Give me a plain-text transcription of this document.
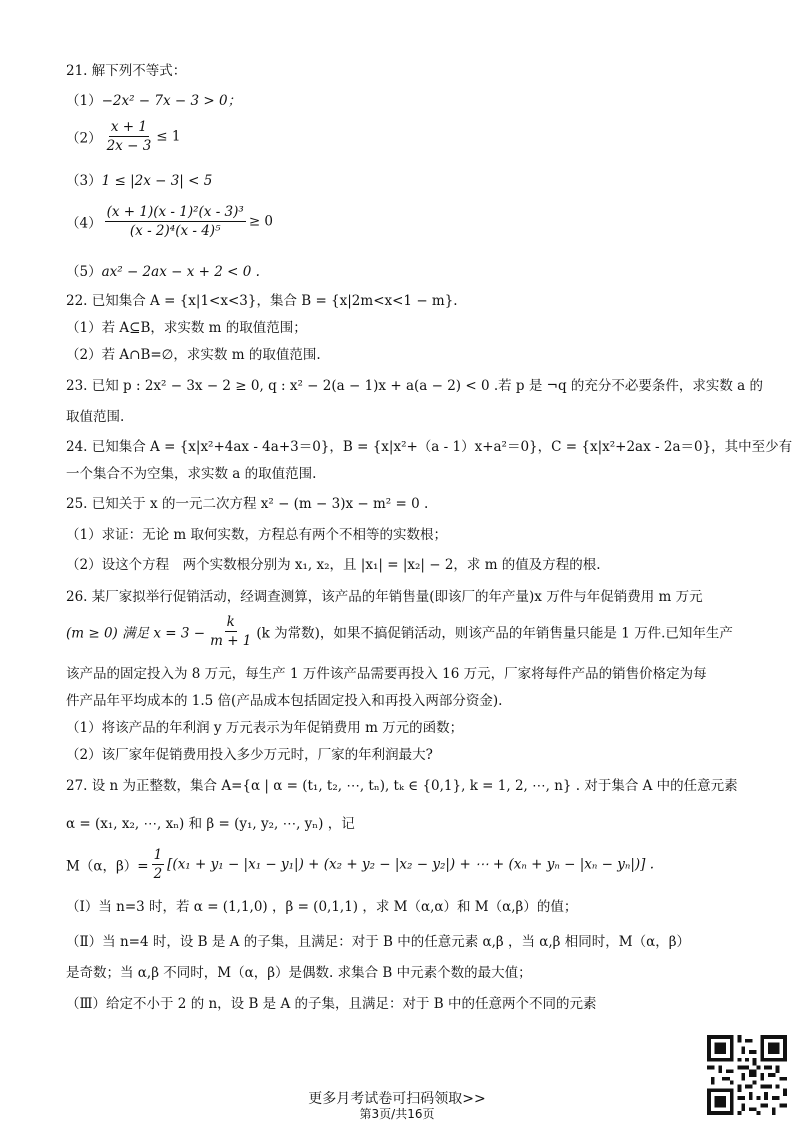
21. 解下列不等式：
（1）−2x² − 7x − 3 > 0；
$(2) \frac{x + 1}{2x - 3} \le 1$
（3）1 ≤ |2x − 3| < 5
$(4) \frac{\text{(x + 1)(x - 1)²(x - 3)³}}{\text{(x - 2)⁴(x - 4)⁵}} \ge 0$
（5）ax² − 2ax − x + 2 < 0 .
22. 已知集合 A = {x|1<x<3}，集合 B = {x|2m<x<1 − m}.
（1）若 A⊆B，求实数 m 的取值范围；
（2）若 A∩B=∅，求实数 m 的取值范围.
23. 已知 p : 2x² − 3x − 2 ≥ 0, q : x² − 2(a − 1)x + a(a − 2) < 0 .若 p 是 ¬q 的充分不必要条件，求实数 a 的
取值范围.
24. 已知集合 A = {x|x²+4ax - 4a+3＝0}，B = {x|x²+（a - 1）x+a²＝0}，C = {x|x²+2ax - 2a＝0}，其中至少有
一个集合不为空集，求实数 a 的取值范围.
25. 已知关于 x 的一元二次方程 x² − (m − 3)x − m² = 0 .
（1）求证：无论 m 取何实数，方程总有两个不相等的实数根；
（2）设这个方程　两个实数根分别为 x₁, x₂，且 |x₁| = |x₂| − 2，求 m 的值及方程的根.
26. 某厂家拟举行促销活动，经调查测算，该产品的年销售量(即该厂的年产量)x 万件与年促销费用 m 万元
(m ≥ 0) 满足 $x = 3 - \frac{k}{m + 1} (k$ 为常数)，如果不搞促销活动，则该产品的年销售量只能是 1 万件.已知年生产
该产品的固定投入为 8 万元，每生产 1 万件该产品需要再投入 16 万元，厂家将每件产品的销售价格定为每
件产品年平均成本的 1.5 倍(产品成本包括固定投入和再投入两部分资金).
（1）将该产品的年利润 y 万元表示为年促销费用 m 万元的函数；
（2）该厂家年促销费用投入多少万元时，厂家的年利润最大?
27. 设 n 为正整数，集合 A={α | α = (t₁, t₂, ⋯, tₙ), tₖ ∈ {0,1}, k = 1, 2, ⋯, n} . 对于集合 A 中的任意元素
α = (x₁, x₂, ⋯, xₙ) 和 β = (y₁, y₂, ⋯, yₙ) ，记
M（α，$\beta)= \frac{1}{2} [(x_1 + y_1 - |x_1 - y_1|) + (x_2 + y_2 - |x_2 - y_2|)$ + ⋯ + (xₙ + yₙ − |xₙ − yₙ|)] .
（Ⅰ）当 n=3 时，若 α = (1,1,0) ，β = (0,1,1) ，求 M（α,α）和 M（α,β）的值；
（Ⅱ）当 n=4 时，设 B 是 A 的子集，且满足：对于 B 中的任意元素 α,β ，当 α,β 相同时，M（α，β）
是奇数；当 α,β 不同时，M（α，β）是偶数. 求集合 B 中元素个数的最大值；
（Ⅲ）给定不小于 2 的 n，设 B 是 A 的子集，且满足：对于 B 中的任意两个不同的元素
更多月考试卷可扫码领取>>
第3页/共16页
